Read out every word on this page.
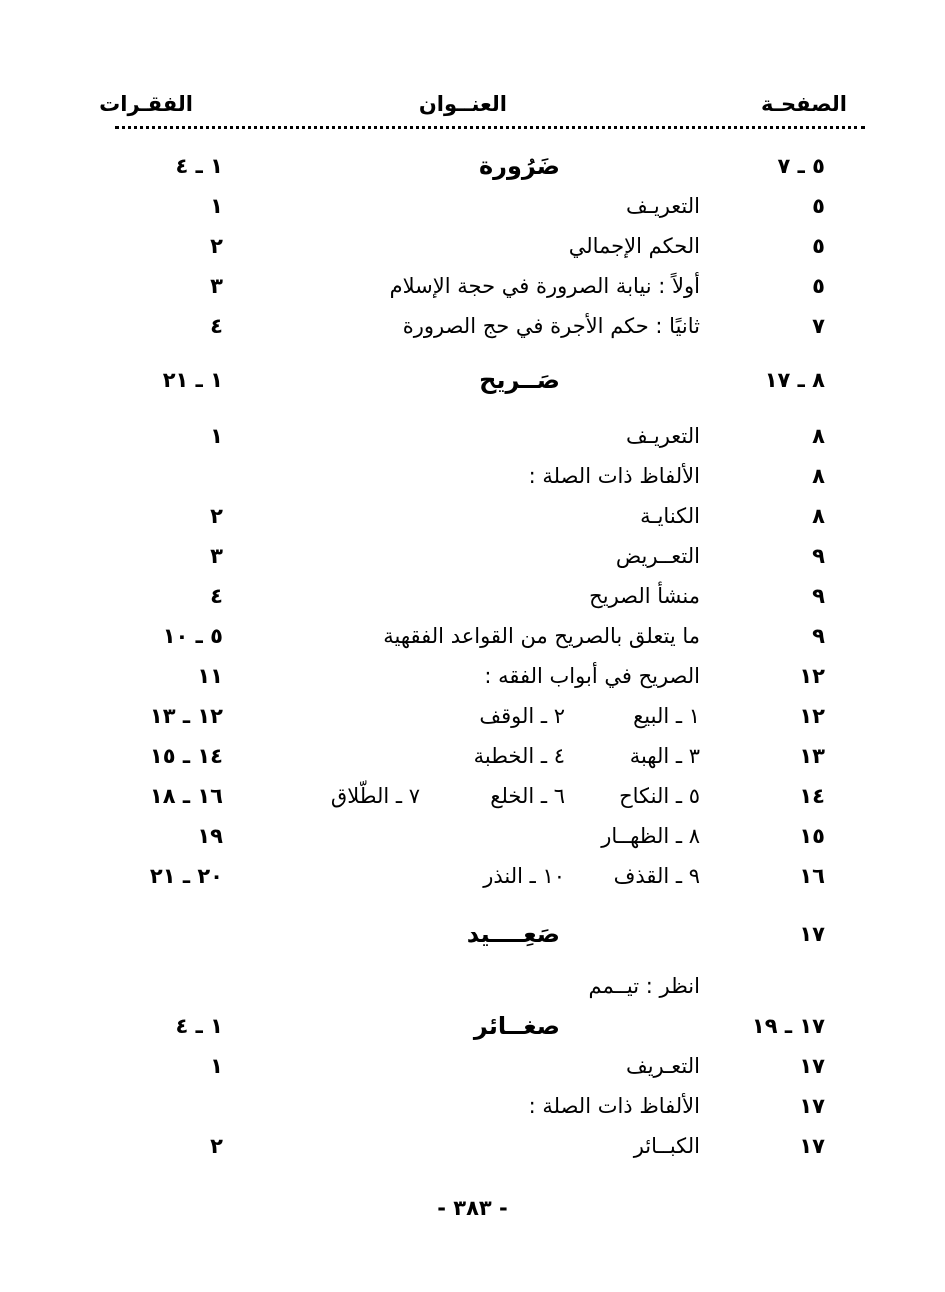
الصفحـة
العنــوان
الفقـرات
٥ ـ ٧
ضَرُورة
١ ـ ٤
٥
التعريـف
١
٥
الحكم الإجمالي
٢
٥
أولاً : نيابة الصرورة في حجة الإسلام
٣
٧
ثانيًا : حكم الأجرة في حج الصرورة
٤
٨ ـ ١٧
صَــريح
١ ـ ٢١
٨
التعريـف
١
٨
الألفاظ ذات الصلة :
٨
الكنايـة
٢
٩
التعــريض
٣
٩
منشأ الصريح
٤
٩
ما يتعلق بالصريح من القواعد الفقهية
٥ ـ ١٠
١٢
الصريح في أبواب الفقه :
١١
١٢
١ ـ البيع
٢ ـ الوقف
١٢ ـ ١٣
١٣
٣ ـ الهبة
٤ ـ الخطبة
١٤ ـ ١٥
١٤
٥ ـ النكاح
٦ ـ الخلع
٧ ـ الطّلاق
١٦ ـ ١٨
١٥
٨ ـ الظهــار
١٩
١٦
٩ ـ القذف
١٠ ـ النذر
٢٠ ـ ٢١
١٧
صَعِــــيد
انظر : تيــمم
١٧ ـ ١٩
صغــائر
١ ـ ٤
١٧
التعـريف
١
١٧
الألفاظ ذات الصلة :
١٧
الكبــائر
٢
- ٣٨٣ -
